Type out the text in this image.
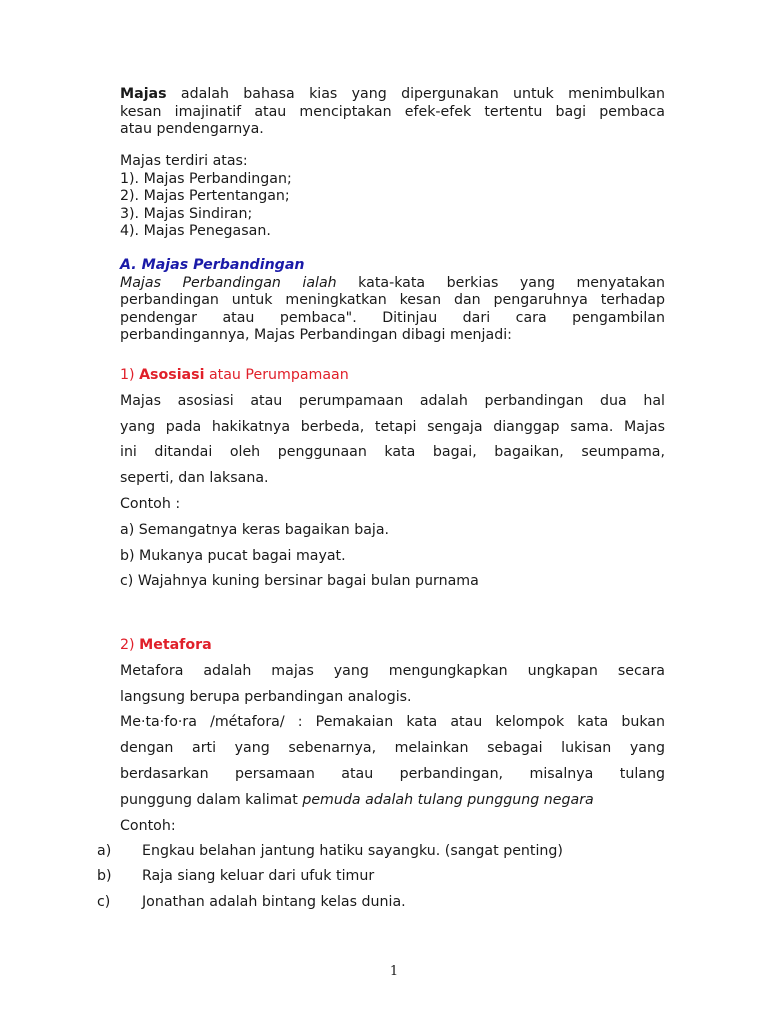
Majas adalah bahasa kias yang dipergunakan untuk menimbulkan
kesan imajinatif atau menciptakan efek-efek tertentu bagi pembaca
atau pendengarnya.
Majas terdiri atas:
1). Majas Perbandingan;
2). Majas Pertentangan;
3). Majas Sindiran;
4). Majas Penegasan.
A. Majas Perbandingan
Majas Perbandingan ialah kata-kata berkias yang menyatakan
perbandingan untuk meningkatkan kesan dan pengaruhnya terhadap
pendengar atau pembaca". Ditinjau dari cara pengambilan
perbandingannya, Majas Perbandingan dibagi menjadi:
1) Asosiasi atau Perumpamaan
Majas asosiasi atau perumpamaan adalah perbandingan dua hal
yang pada hakikatnya berbeda, tetapi sengaja dianggap sama. Majas
ini ditandai oleh penggunaan kata bagai, bagaikan, seumpama,
seperti, dan laksana.
Contoh :
a) Semangatnya keras bagaikan baja.
b) Mukanya pucat bagai mayat.
c) Wajahnya kuning bersinar bagai bulan purnama
2) Metafora
Metafora adalah majas yang mengungkapkan ungkapan secara
langsung berupa perbandingan analogis.
Me·ta·fo·ra /métafora/ : Pemakaian kata atau kelompok kata bukan
dengan arti yang sebenarnya, melainkan sebagai lukisan yang
berdasarkan persamaan atau perbandingan, misalnya tulang
punggung dalam kalimat pemuda adalah tulang punggung negara
Contoh:
a) Engkau belahan jantung hatiku sayangku. (sangat penting)
b) Raja siang keluar dari ufuk timur
c) Jonathan adalah bintang kelas dunia.
1
